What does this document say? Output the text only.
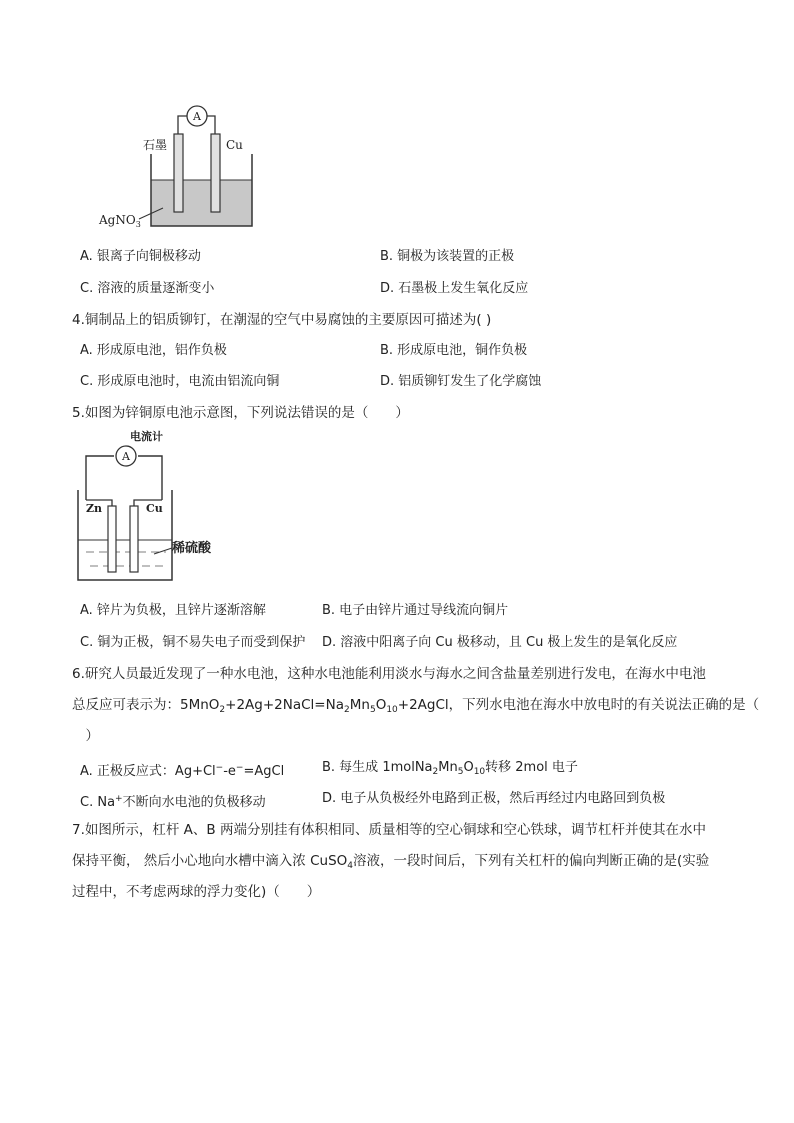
A
石墨	Cu
AgNO$_3$
A. 银离子向铜极移动	B. 铜极为该装置的正极
C. 溶液的质量逐渐变小	D. 石墨极上发生氧化反应
4.铜制品上的铝质铆钉，在潮湿的空气中易腐蚀的主要原因可描述为( )
A. 形成原电池，铝作负极	B. 形成原电池，铜作负极
C. 形成原电池时，电流由铝流向铜	D. 铝质铆钉发生了化学腐蚀
5.如图为锌铜原电池示意图，下列说法错误的是（　　）
A
电流计
Zn	Cu
稀硫酸
A. 锌片为负极，且锌片逐渐溶解	B. 电子由锌片通过导线流向铜片
C. 铜为正极，铜不易失电子而受到保护 D. 溶液中阳离子向 Cu 极移动，且 Cu 极上发生的是氧化反应
6.研究人员最近发现了一种水电池，这种水电池能利用淡水与海水之间含盐量差别进行发电，在海水中电池
总反应可表示为：$5MnO_2+2Ag+2NaCl=Na_2Mn_5O_{10}+2AgCl$，下列水电池在海水中放电时的有关说法正确的是（
　）
A. 正极反应式：Ag+Cl−-e−=AgCl	B. 每生成 $1molNa_2Mn_5O_{10}$转移 2mol 电子
C. Na+不断向水电池的负极移动	D. 电子从负极经外电路到正极，然后再经过内电路回到负极
7.如图所示，杠杆 A、B 两端分别挂有体积相同、质量相等的空心铜球和空心铁球，调节杠杆并使其在水中
保持平衡， 然后小心地向水槽中滴入浓 CuSO$_4$溶液，一段时间后，下列有关杠杆的偏向判断正确的是(实验
过程中，不考虑两球的浮力变化)（　　）
